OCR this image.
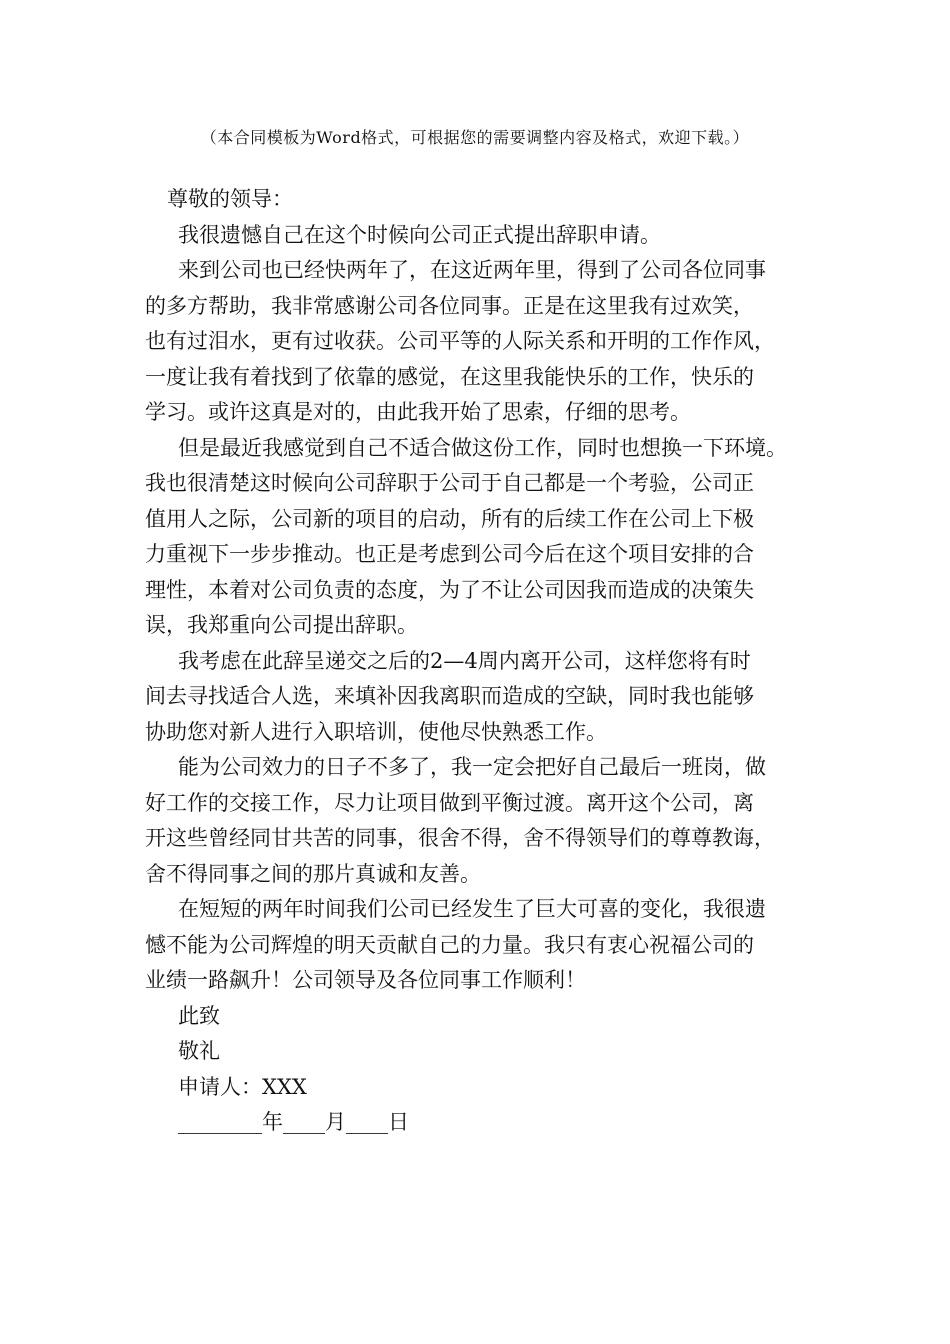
（本合同模板为Word格式，可根据您的需要调整内容及格式，欢迎下载。）
尊敬的领导：
我很遗憾自己在这个时候向公司正式提出辞职申请。
来到公司也已经快两年了，在这近两年里，得到了公司各位同事
的多方帮助，我非常感谢公司各位同事。正是在这里我有过欢笑，
也有过泪水，更有过收获。公司平等的人际关系和开明的工作作风，
一度让我有着找到了依靠的感觉，在这里我能快乐的工作，快乐的
学习。或许这真是对的，由此我开始了思索，仔细的思考。
但是最近我感觉到自己不适合做这份工作，同时也想换一下环境。
我也很清楚这时候向公司辞职于公司于自己都是一个考验，公司正
值用人之际，公司新的项目的启动，所有的后续工作在公司上下极
力重视下一步步推动。也正是考虑到公司今后在这个项目安排的合
理性，本着对公司负责的态度，为了不让公司因我而造成的决策失
误，我郑重向公司提出辞职。
我考虑在此辞呈递交之后的2—4周内离开公司，这样您将有时
间去寻找适合人选，来填补因我离职而造成的空缺，同时我也能够
协助您对新人进行入职培训，使他尽快熟悉工作。
能为公司效力的日子不多了，我一定会把好自己最后一班岗，做
好工作的交接工作，尽力让项目做到平衡过渡。离开这个公司，离
开这些曾经同甘共苦的同事，很舍不得，舍不得领导们的尊尊教诲，
舍不得同事之间的那片真诚和友善。
在短短的两年时间我们公司已经发生了巨大可喜的变化，我很遗
憾不能为公司辉煌的明天贡献自己的力量。我只有衷心祝福公司的
业绩一路飙升！公司领导及各位同事工作顺利！
此致
敬礼
申请人：XXX
________年____月____日
